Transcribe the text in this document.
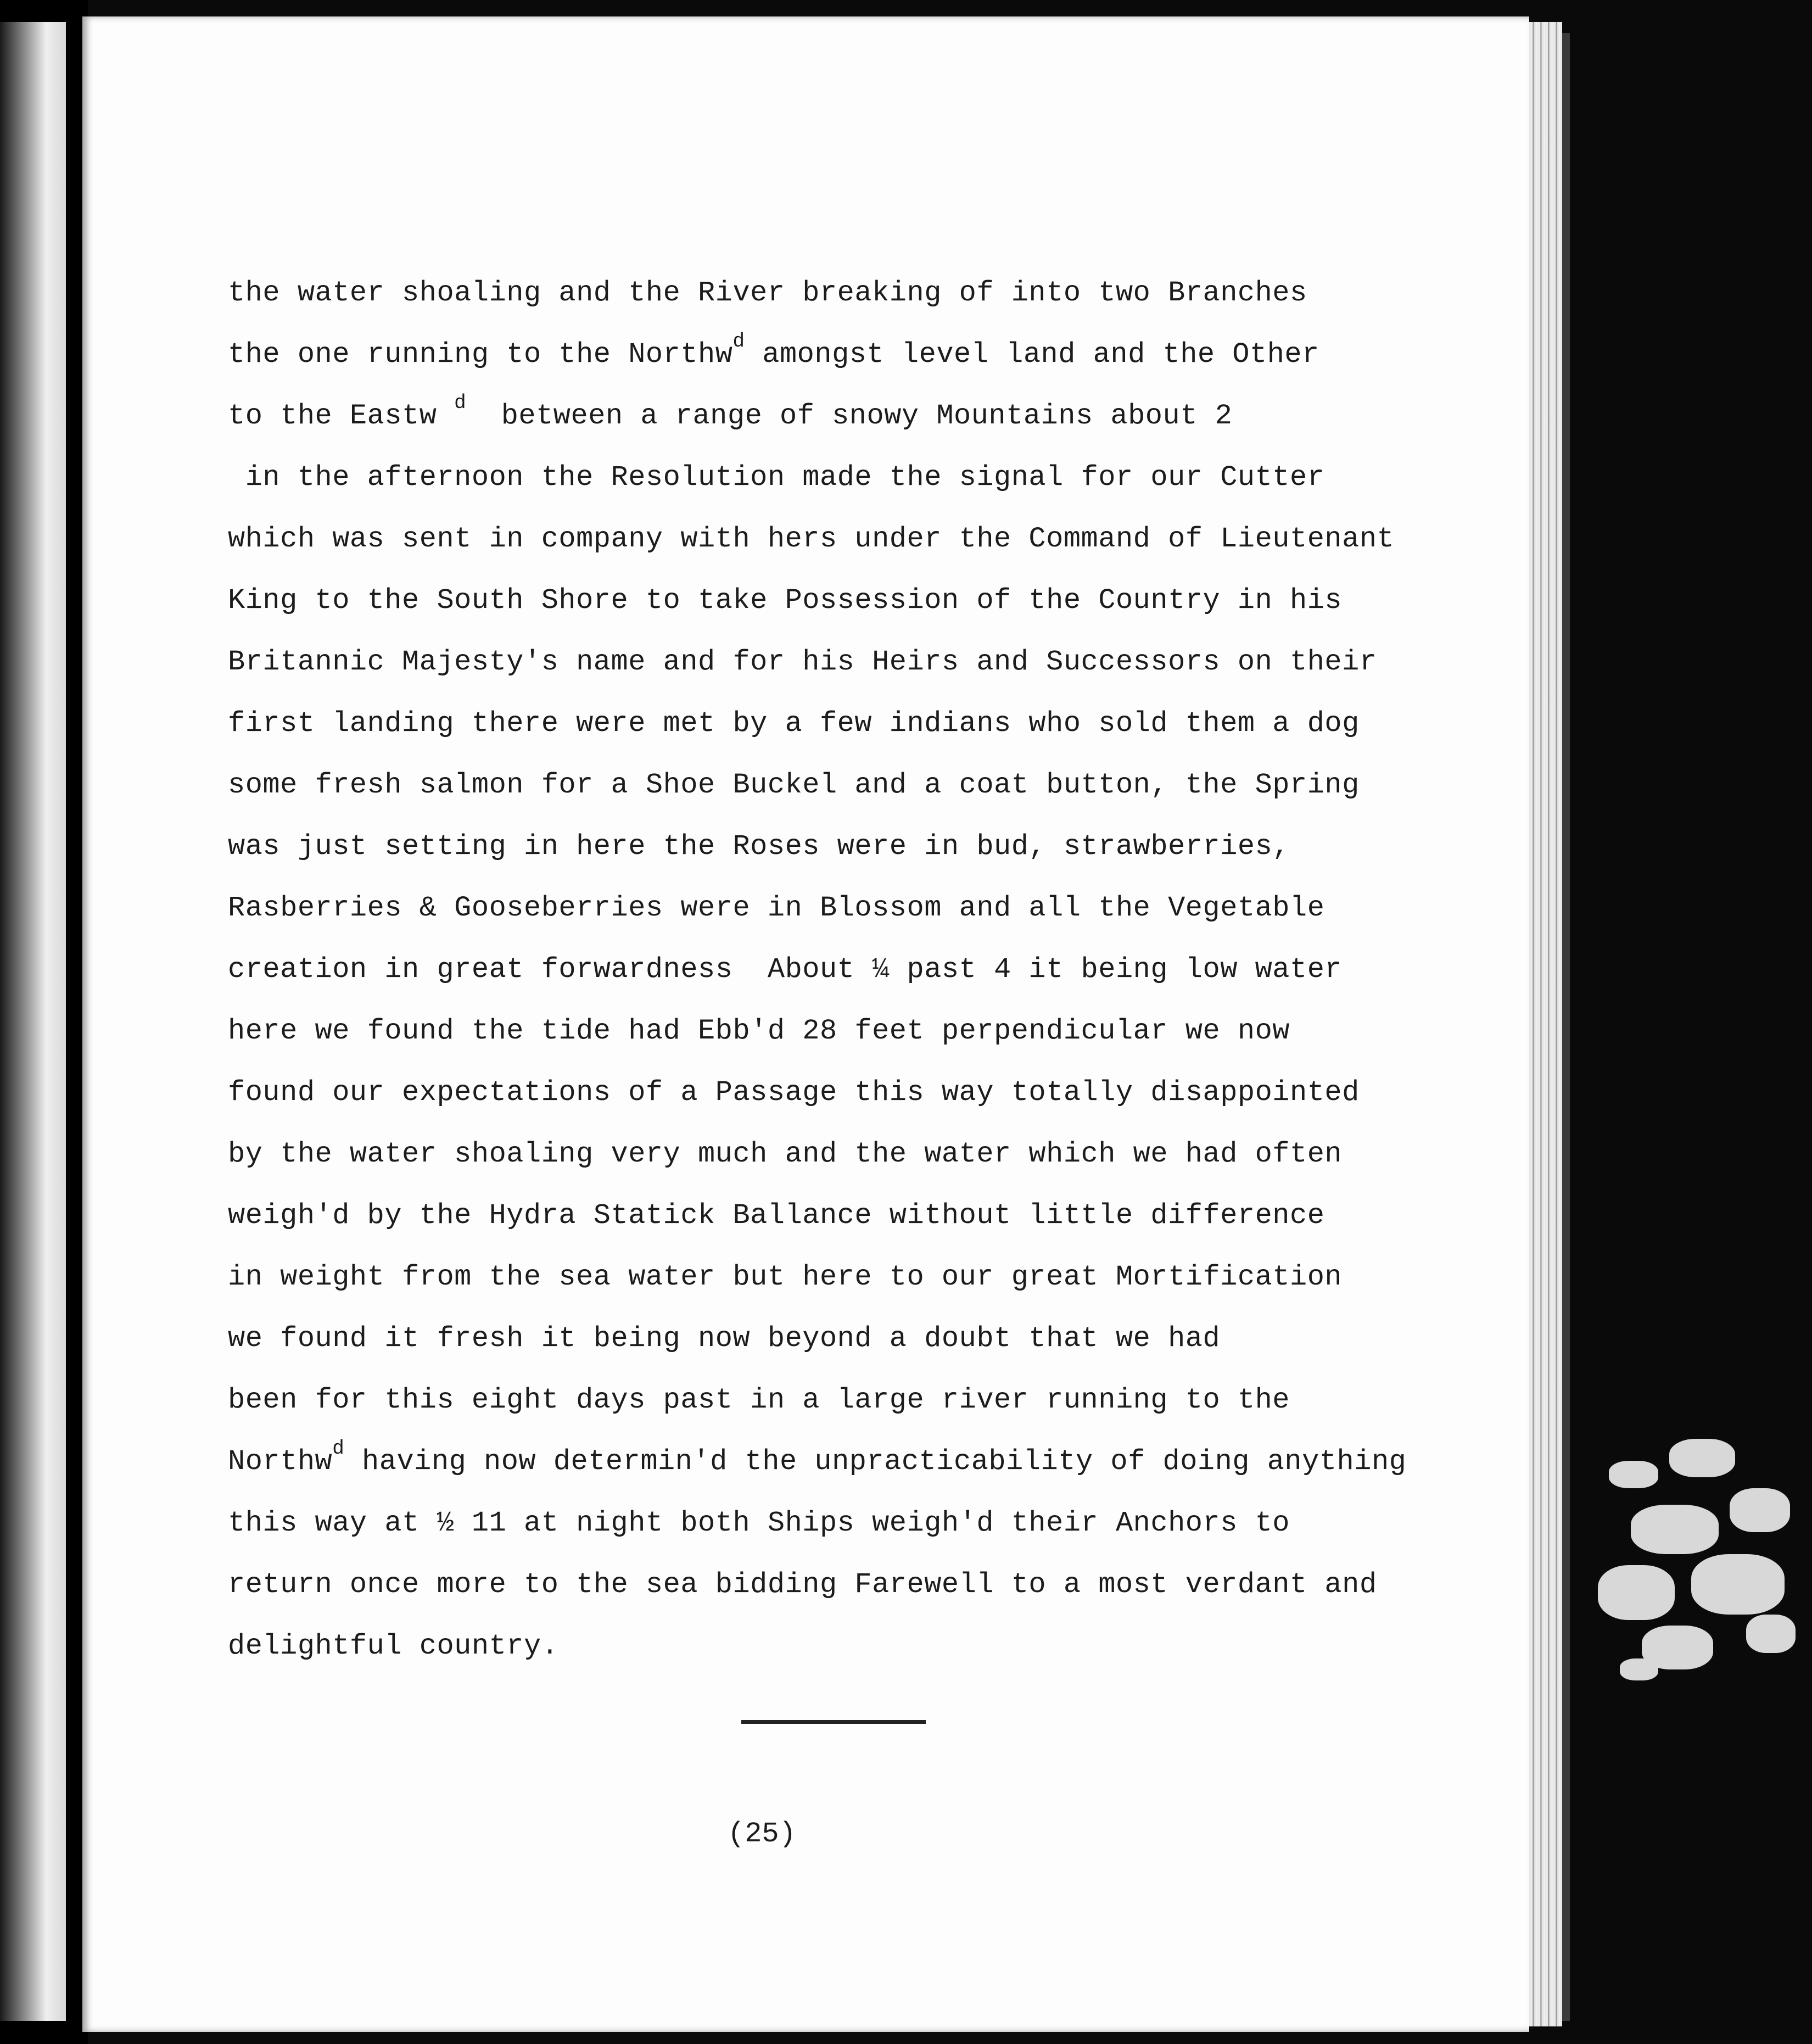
the water shoaling and the River breaking of into two Branches
the one running to the Northw$^d$ amongst level land and the Other
to the Eastw $^d$  between a range of snowy Mountains about 2
in the afternoon the Resolution made the signal for our Cutter
which was sent in company with hers under the Command of Lieutenant
King to the South Shore to take Possession of the Country in his
Britannic Majesty's name and for his Heirs and Successors on their
first landing there were met by a few indians who sold them a dog
some fresh salmon for a Shoe Buckel and a coat button, the Spring
was just setting in here the Roses were in bud, strawberries,
Rasberries & Gooseberries were in Blossom and all the Vegetable
creation in great forwardness  About ¼ past 4 it being low water
here we found the tide had Ebb'd 28 feet perpendicular we now
found our expectations of a Passage this way totally disappointed
by the water shoaling very much and the water which we had often
weigh'd by the Hydra Statick Ballance without little difference
in weight from the sea water but here to our great Mortification
we found it fresh it being now beyond a doubt that we had
been for this eight days past in a large river running to the
Northw$^d$ having now determin'd the unpracticability of doing anything
this way at ½ 11 at night both Ships weigh'd their Anchors to
return once more to the sea bidding Farewell to a most verdant and
delightful country.
(25)
